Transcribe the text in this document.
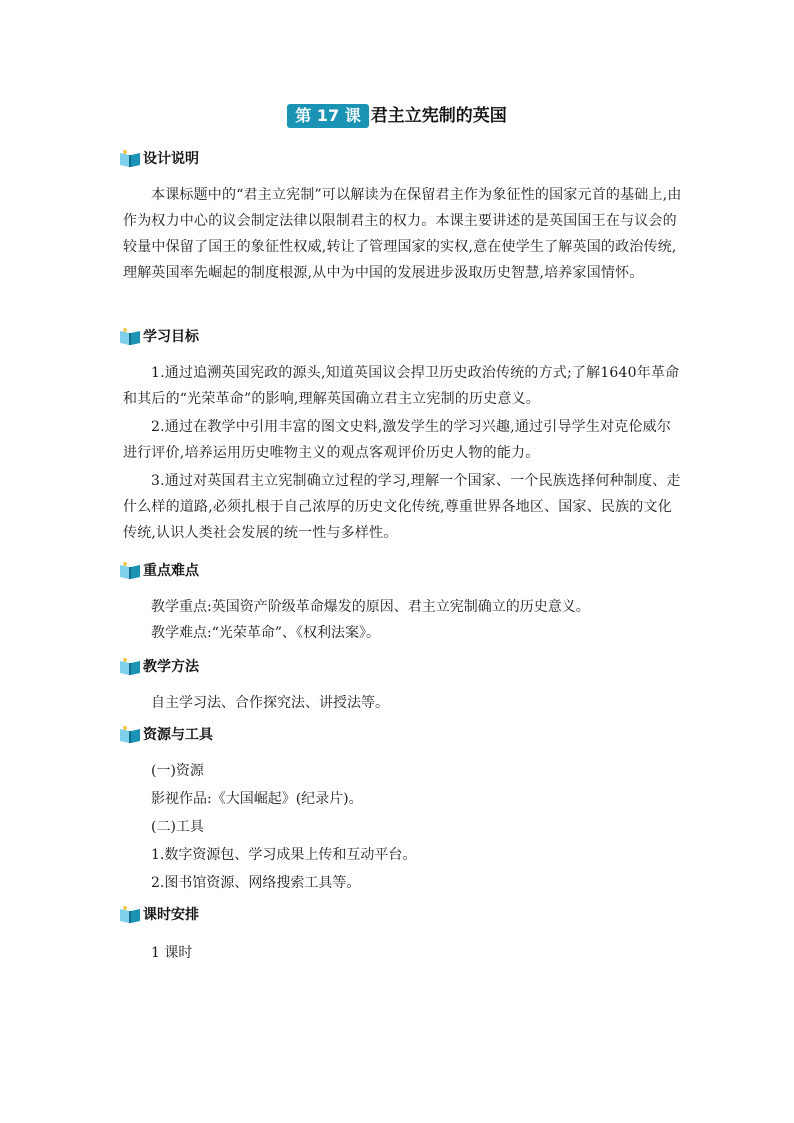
第 17 课 君主立宪制的英国
设计说明

本课标题中的“君主立宪制”可以解读为在保留君主作为象征性的国家元首的基础上,由作为权力中心的议会制定法律以限制君主的权力。本课主要讲述的是英国国王在与议会的较量中保留了国王的象征性权威,转让了管理国家的实权,意在使学生了解英国的政治传统,理解英国率先崛起的制度根源,从中为中国的发展进步汲取历史智慧,培养家国情怀。

学习目标

1.通过追溯英国宪政的源头,知道英国议会捍卫历史政治传统的方式;了解1640年革命和其后的“光荣革命”的影响,理解英国确立君主立宪制的历史意义。

2.通过在教学中引用丰富的图文史料,激发学生的学习兴趣,通过引导学生对克伦威尔进行评价,培养运用历史唯物主义的观点客观评价历史人物的能力。

3.通过对英国君主立宪制确立过程的学习,理解一个国家、一个民族选择何种制度、走什么样的道路,必须扎根于自己浓厚的历史文化传统,尊重世界各地区、国家、民族的文化传统,认识人类社会发展的统一性与多样性。

重点难点

教学重点:英国资产阶级革命爆发的原因、君主立宪制确立的历史意义。

教学难点:“光荣革命”、《权利法案》。

教学方法

自主学习法、合作探究法、讲授法等。

资源与工具

(一)资源

影视作品:《大国崛起》(纪录片)。

(二)工具

1.数字资源包、学习成果上传和互动平台。

2.图书馆资源、网络搜索工具等。

课时安排

1 课时
